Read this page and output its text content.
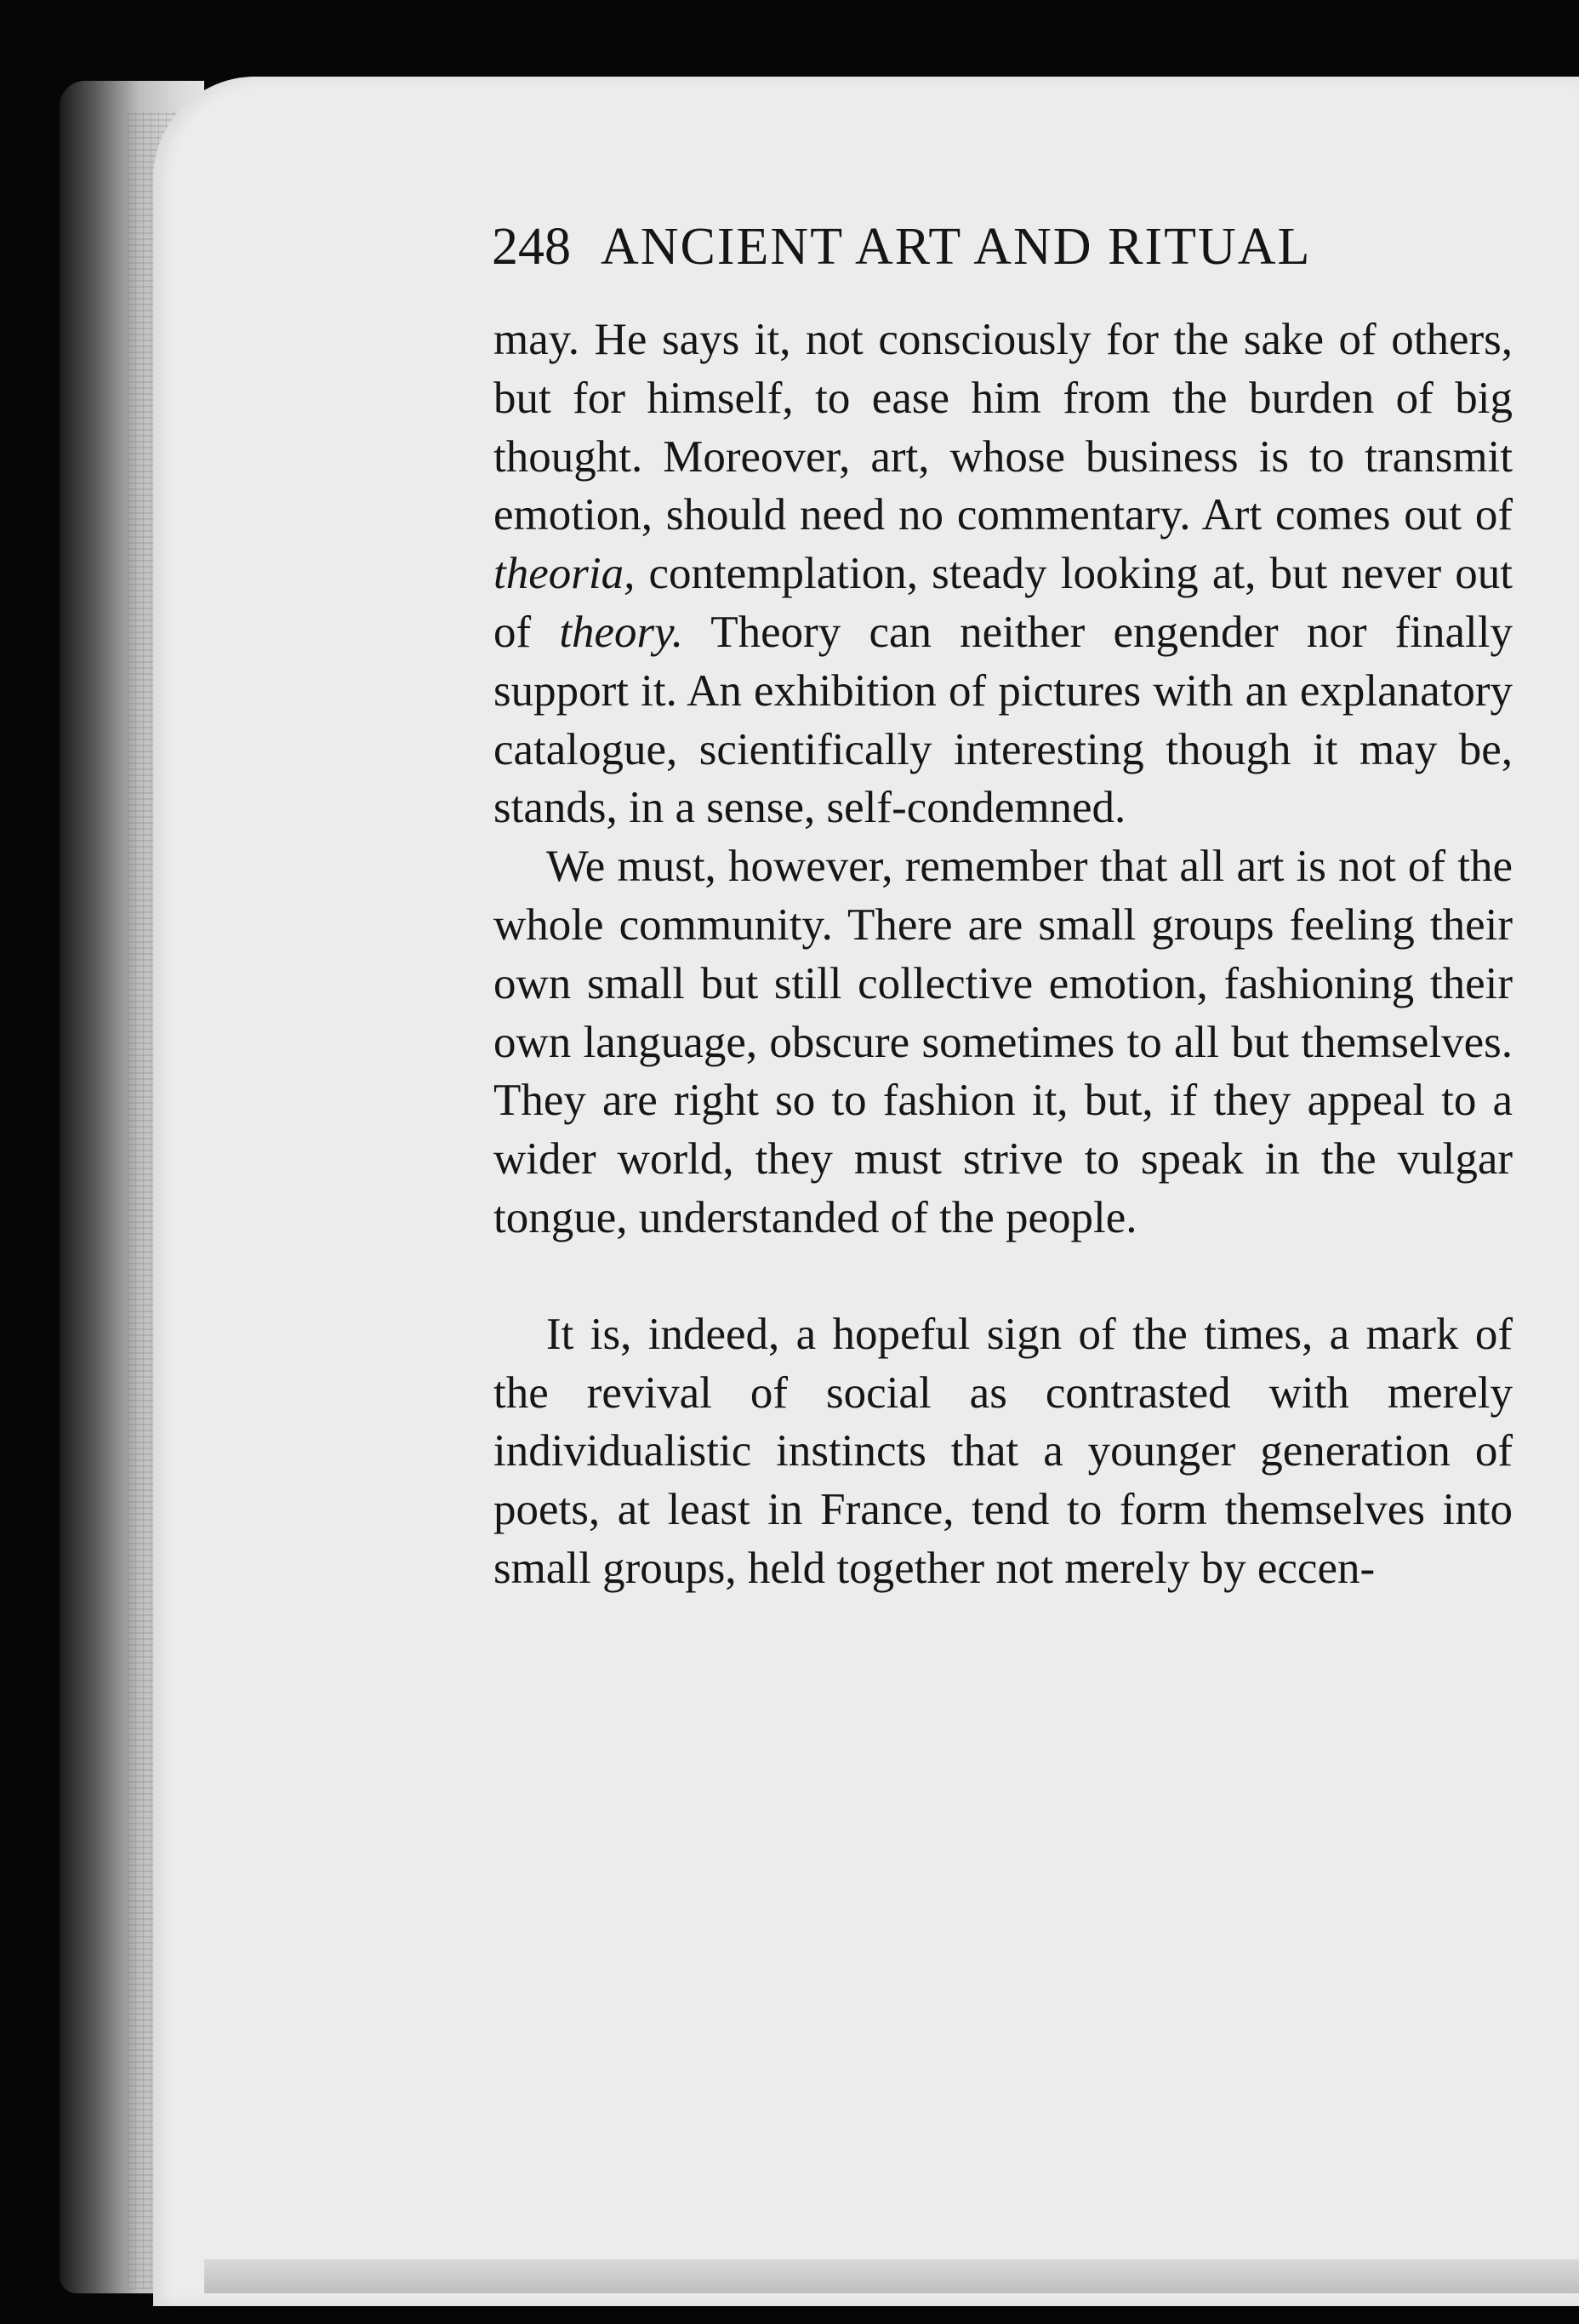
248 ANCIENT ART AND RITUAL

may. He says it, not consciously for the sake of others, but for himself, to ease him from the burden of big thought. Moreover, art, whose business is to transmit emotion, should need no commentary. Art comes out of theoria, contemplation, steady looking at, but never out of theory. Theory can neither engender nor finally support it. An exhibition of pictures with an explanatory catalogue, scientifically interesting though it may be, stands, in a sense, self-condemned.

We must, however, remember that all art is not of the whole community. There are small groups feeling their own small but still collective emotion, fashioning their own language, obscure sometimes to all but themselves. They are right so to fashion it, but, if they appeal to a wider world, they must strive to speak in the vulgar tongue, understanded of the people.

It is, indeed, a hopeful sign of the times, a mark of the revival of social as contrasted with merely individualistic instincts that a younger generation of poets, at least in France, tend to form themselves into small groups, held together not merely by eccen-
